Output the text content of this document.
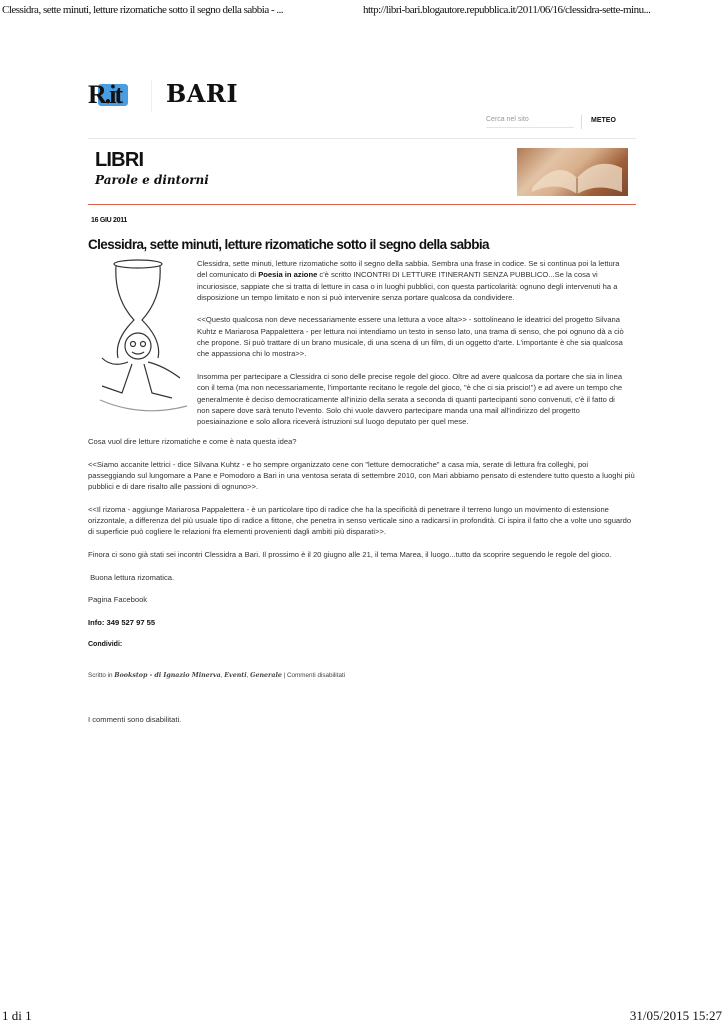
Clessidra, sette minuti, letture rizomatiche sotto il segno della sabbia - ...	http://libri-bari.blogautore.repubblica.it/2011/06/16/clessidra-sette-minu...
R.it BARI
Cerca nel sito	METEO
LIBRI
Parole e dintorni
16 GIU 2011
Clessidra, sette minuti, letture rizomatiche sotto il segno della sabbia

Clessidra, sette minuti, letture rizomatiche sotto il segno della sabbia. Sembra una frase in codice. Se si continua poi la lettura del comunicato di Poesia in azione c'è scritto INCONTRI DI LETTURE ITINERANTI SENZA PUBBLICO...Se la cosa vi incuriosisce, sappiate che si tratta di letture in casa o in luoghi pubblici, con questa particolarità: ognuno degli intervenuti ha a disposizione un tempo limitato e non si può intervenire senza portare qualcosa da condividere.

<<Questo qualcosa non deve necessariamente essere una lettura a voce alta>> - sottolineano le ideatrici del progetto Silvana Kuhtz e Mariarosa Pappalettera - per lettura noi intendiamo un testo in senso lato, una trama di senso, che poi ognuno dà a ciò che propone. Si può trattare di un brano musicale, di una scena di un film, di un oggetto d'arte. L'importante è che sia qualcosa che appassiona chi lo mostra>>.

Insomma per partecipare a Clessidra ci sono delle precise regole del gioco. Oltre ad avere qualcosa da portare che sia in linea con il tema (ma non necessariamente, l'importante recitano le regole del gioco, "è che ci sia priscio!") e ad avere un tempo che generalmente è deciso democraticamente all'inizio della serata a seconda di quanti partecipanti sono convenuti, c'è il fatto di non sapere dove sarà tenuto l'evento. Solo chi vuole davvero partecipare manda una mail all'indirizzo del progetto poesiainazione e solo allora riceverà istruzioni sul luogo deputato per quel mese.

Cosa vuol dire letture rizomatiche e come è nata questa idea?

<<Siamo accanite lettrici - dice Silvana Kuhtz - e ho sempre organizzato cene con "letture democratiche" a casa mia, serate di lettura fra colleghi, poi passeggiando sul lungomare a Pane e Pomodoro a Bari in una ventosa serata di settembre 2010, con Mari abbiamo pensato di estendere tutto questo a luoghi più pubblici e di dare risalto alle passioni di ognuno>>.

<<Il rizoma - aggiunge Mariarosa Pappalettera - è un particolare tipo di radice che ha la specificità di penetrare il terreno lungo un movimento di estensione orizzontale, a differenza del più usuale tipo di radice a fittone, che penetra in senso verticale sino a radicarsi in profondità. Ci ispira il fatto che a volte uno sguardo di superficie può cogliere le relazioni fra elementi provenienti dagli ambiti più disparati>>.

Finora ci sono già stati sei incontri Clessidra a Bari. Il prossimo è il 20 giugno alle 21, il tema Marea, il luogo...tutto da scoprire seguendo le regole del gioco.

Buona lettura rizomatica.

Pagina Facebook

Info: 349 527 97 55

Condividi:

Scritto in Bookstop - di Ignazio Minerva, Eventi, Generale | Commenti disabilitati
I commenti sono disabilitati.
1 di 1	31/05/2015 15:27
